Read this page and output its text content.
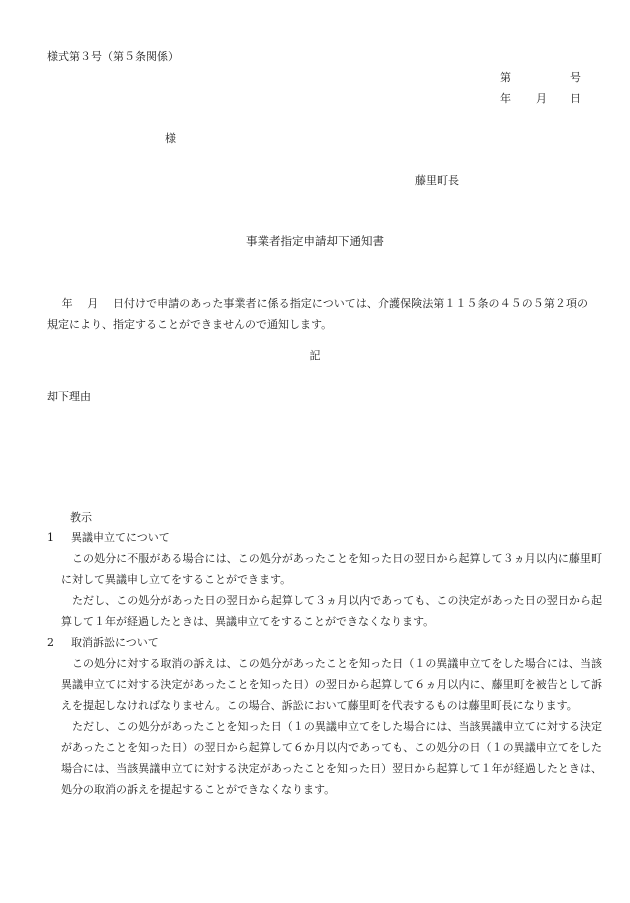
様式第３号（第５条関係）
第	号
年 月 日
様
藤里町長
事業者指定申請却下通知書

　 年　 月　 日付けで申請のあった事業者に係る指定については、介護保険法第１１５条の４５の５第２項の規定により、指定することができませんので通知します。

記
却下理由
教示

1 異議申立てについて

この処分に不服がある場合には、この処分があったことを知った日の翌日から起算して３ヵ月以内に藤里町に対して異議申し立てをすることができます。

ただし、この処分があった日の翌日から起算して３ヵ月以内であっても、この決定があった日の翌日から起算して１年が経過したときは、異議申立てをすることができなくなります。

2 取消訴訟について

この処分に対する取消の訴えは、この処分があったことを知った日（１の異議申立てをした場合には、当該異議申立てに対する決定があったことを知った日）の翌日から起算して６ヵ月以内に、藤里町を被告として訴えを提起しなければなりません。この場合、訴訟において藤里町を代表するものは藤里町長になります。

ただし、この処分があったことを知った日（１の異議申立てをした場合には、当該異議申立てに対する決定があったことを知った日）の翌日から起算して６か月以内であっても、この処分の日（１の異議申立てをした場合には、当該異議申立てに対する決定があったことを知った日）翌日から起算して１年が経過したときは、処分の取消の訴えを提起することができなくなります。
